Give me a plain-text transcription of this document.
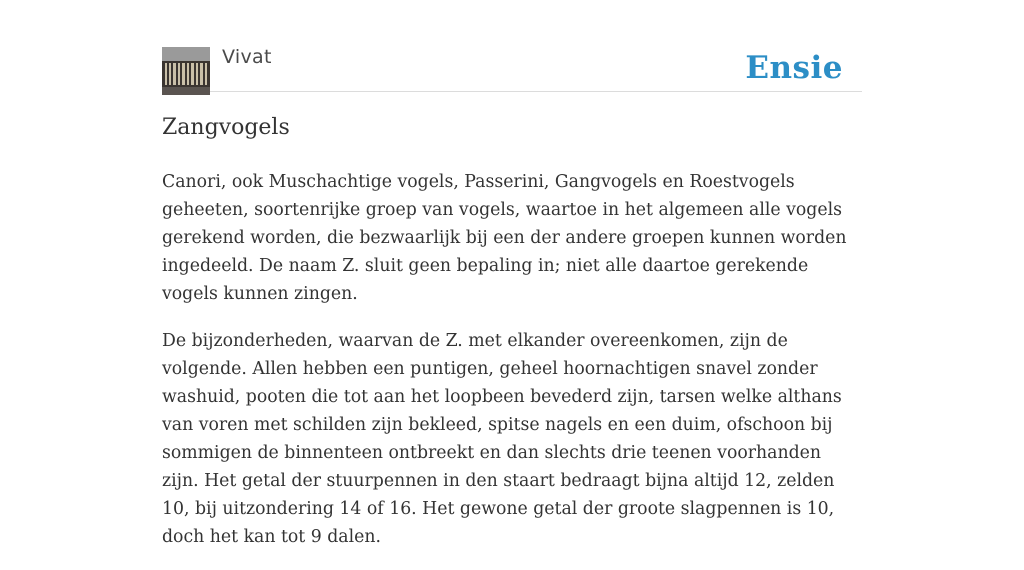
Vivat	Ensie
Zangvogels

Canori, ook Muschachtige vogels, Passerini, Gangvogels en Roestvogels geheeten, soortenrijke groep van vogels, waartoe in het algemeen alle vogels gerekend worden, die bezwaarlijk bij een der andere groepen kunnen worden ingedeeld. De naam Z. sluit geen bepaling in; niet alle daartoe gerekende vogels kunnen zingen.

De bijzonderheden, waarvan de Z. met elkander overeenkomen, zijn de volgende. Allen hebben een puntigen, geheel hoornachtigen snavel zonder washuid, pooten die tot aan het loopbeen bevederd zijn, tarsen welke althans van voren met schilden zijn bekleed, spitse nagels en een duim, ofschoon bij sommigen de binnenteen ontbreekt en dan slechts drie teenen voorhanden zijn. Het getal der stuurpennen in den staart bedraagt bijna altijd 12, zelden 10, bij uitzondering 14 of 16. Het gewone getal der groote slagpennen is 10, doch het kan tot 9 dalen.
